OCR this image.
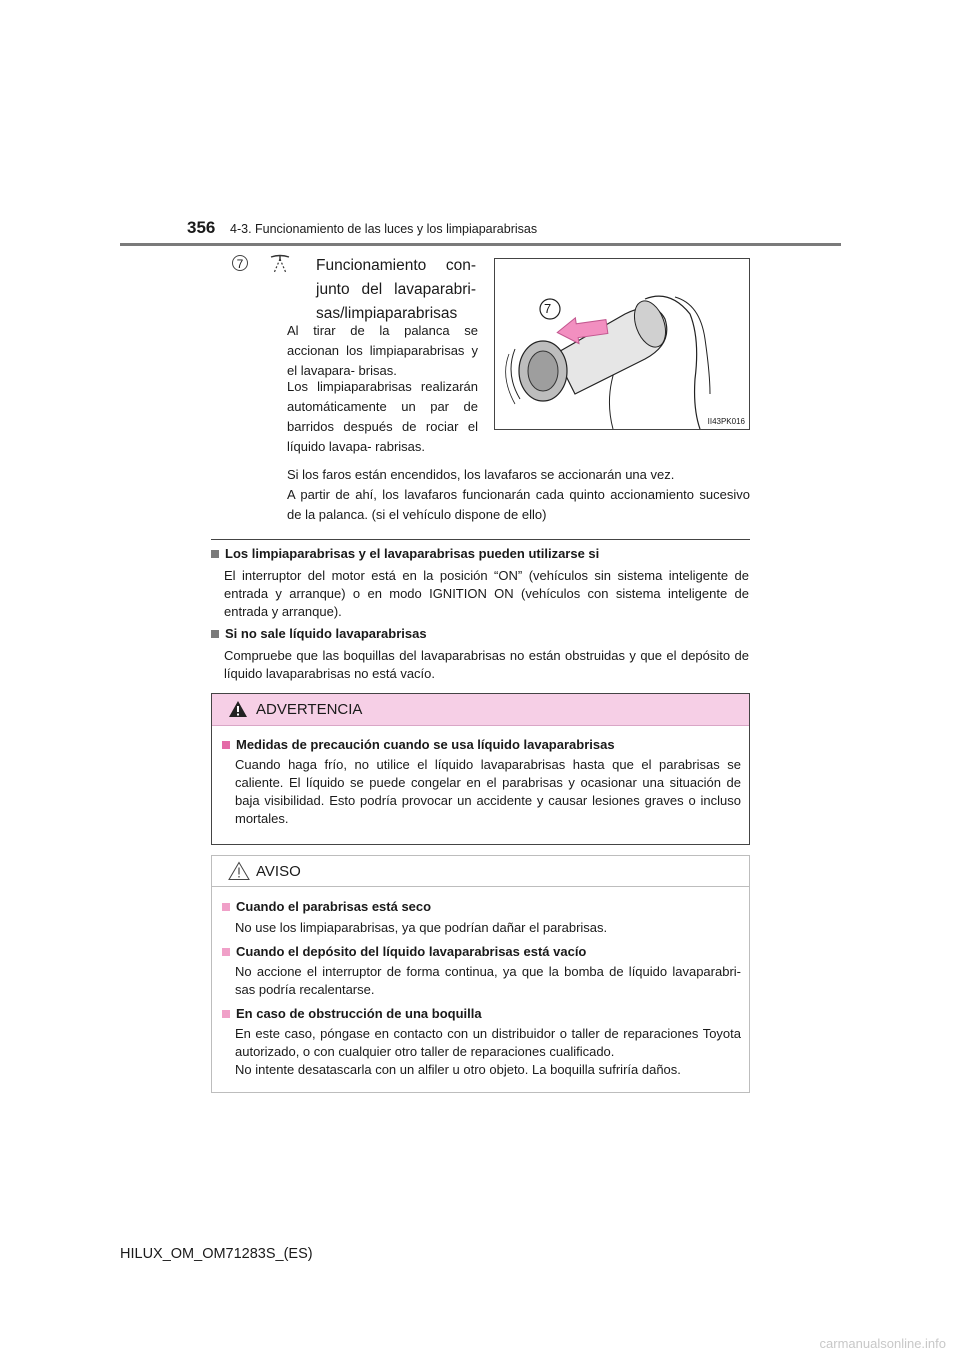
356 4-3. Funcionamiento de las luces y los limpiaparabrisas
7	Funcionamiento con- junto del lavaparabri- sas/limpiaparabrisas
Al tirar de la palanca se accionan los limpiaparabrisas y el lavapara- brisas.
Los limpiaparabrisas realizarán automáticamente un par de barridos después de rociar el líquido lavapa- rabrisas.
Si los faros están encendidos, los lavafaros se accionarán una vez.
A partir de ahí, los lavafaros funcionarán cada quinto accionamiento sucesivo de la palanca. (si el vehículo dispone de ello)
7
II43PK016
Los limpiaparabrisas y el lavaparabrisas pueden utilizarse si
El interruptor del motor está en la posición “ON” (vehículos sin sistema inteligente de entrada y arranque) o en modo IGNITION ON (vehículos con sistema inteligente de entrada y arranque).
Si no sale líquido lavaparabrisas
Compruebe que las boquillas del lavaparabrisas no están obstruidas y que el depósito de líquido lavaparabrisas no está vacío.
ADVERTENCIA
Medidas de precaución cuando se usa líquido lavaparabrisas
Cuando haga frío, no utilice el líquido lavaparabrisas hasta que el parabrisas se caliente. El líquido se puede congelar en el parabrisas y ocasionar una situación de baja visibilidad. Esto podría provocar un accidente y causar lesiones graves o incluso mortales.
AVISO
Cuando el parabrisas está seco
No use los limpiaparabrisas, ya que podrían dañar el parabrisas.
Cuando el depósito del líquido lavaparabrisas está vacío
No accione el interruptor de forma continua, ya que la bomba de líquido lavaparabri- sas podría recalentarse.
En caso de obstrucción de una boquilla
En este caso, póngase en contacto con un distribuidor o taller de reparaciones Toyota autorizado, o con cualquier otro taller de reparaciones cualificado.
No intente desatascarla con un alfiler u otro objeto. La boquilla sufriría daños.
HILUX_OM_OM71283S_(ES)
carmanualsonline.info
